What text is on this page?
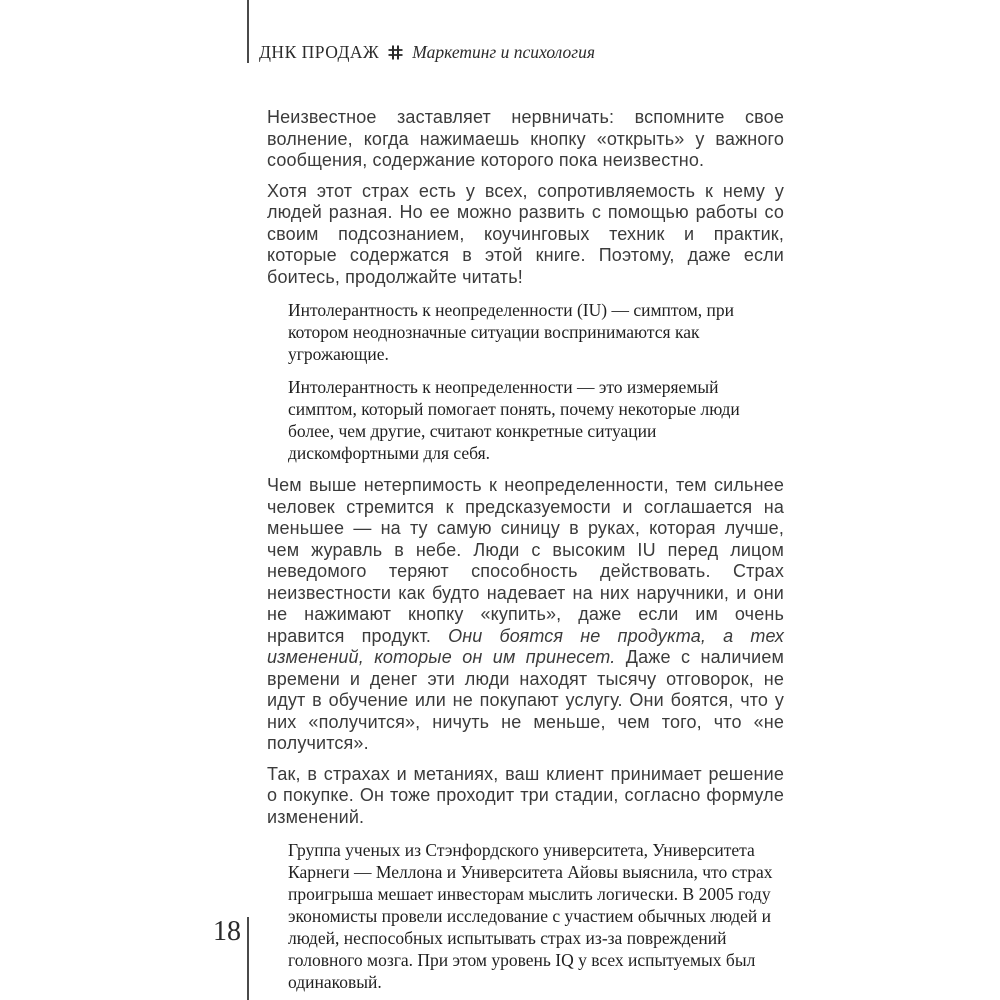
ДНК ПРОДАЖ Маркетинг и психология

Неизвестное заставляет нервничать: вспомните свое волнение, когда нажимаешь кнопку «открыть» у важного сообщения, содержание которого пока неизвестно.

Хотя этот страх есть у всех, сопротивляемость к нему у людей разная. Но ее можно развить с помощью работы со своим подсознанием, коучинговых техник и практик, которые содержатся в этой книге. Поэтому, даже если боитесь, продолжайте читать!

Интолерантность к неопределенности (IU) — симптом, при котором неоднозначные ситуации воспринимаются как угрожающие.
Интолерантность к неопределенности — это измеряемый симптом, который помогает понять, почему некоторые люди более, чем другие, считают конкретные ситуации дискомфортными для себя.

Чем выше нетерпимость к неопределенности, тем сильнее человек стремится к предсказуемости и соглашается на меньшее — на ту самую синицу в руках, которая лучше, чем журавль в небе. Люди с высоким IU перед лицом неведомого теряют способность действовать. Страх неизвестности как будто надевает на них наручники, и они не нажимают кнопку «купить», даже если им очень нравится продукт. Они боятся не продукта, а тех изменений, которые он им принесет. Даже с наличием времени и денег эти люди находят тысячу отговорок, не идут в обучение или не покупают услугу. Они боятся, что у них «получится», ничуть не меньше, чем того, что «не получится».

Так, в страхах и метаниях, ваш клиент принимает решение о покупке. Он тоже проходит три стадии, согласно формуле изменений.

Группа ученых из Стэнфордского университета, Университета Карнеги — Меллона и Университета Айовы выяснила, что страх проигрыша мешает инвесторам мыслить логически. В 2005 году экономисты провели исследование с участием обычных людей и людей, неспособных испытывать страх из-за повреждений головного мозга. При этом уровень IQ у всех испытуемых был одинаковый.
18
